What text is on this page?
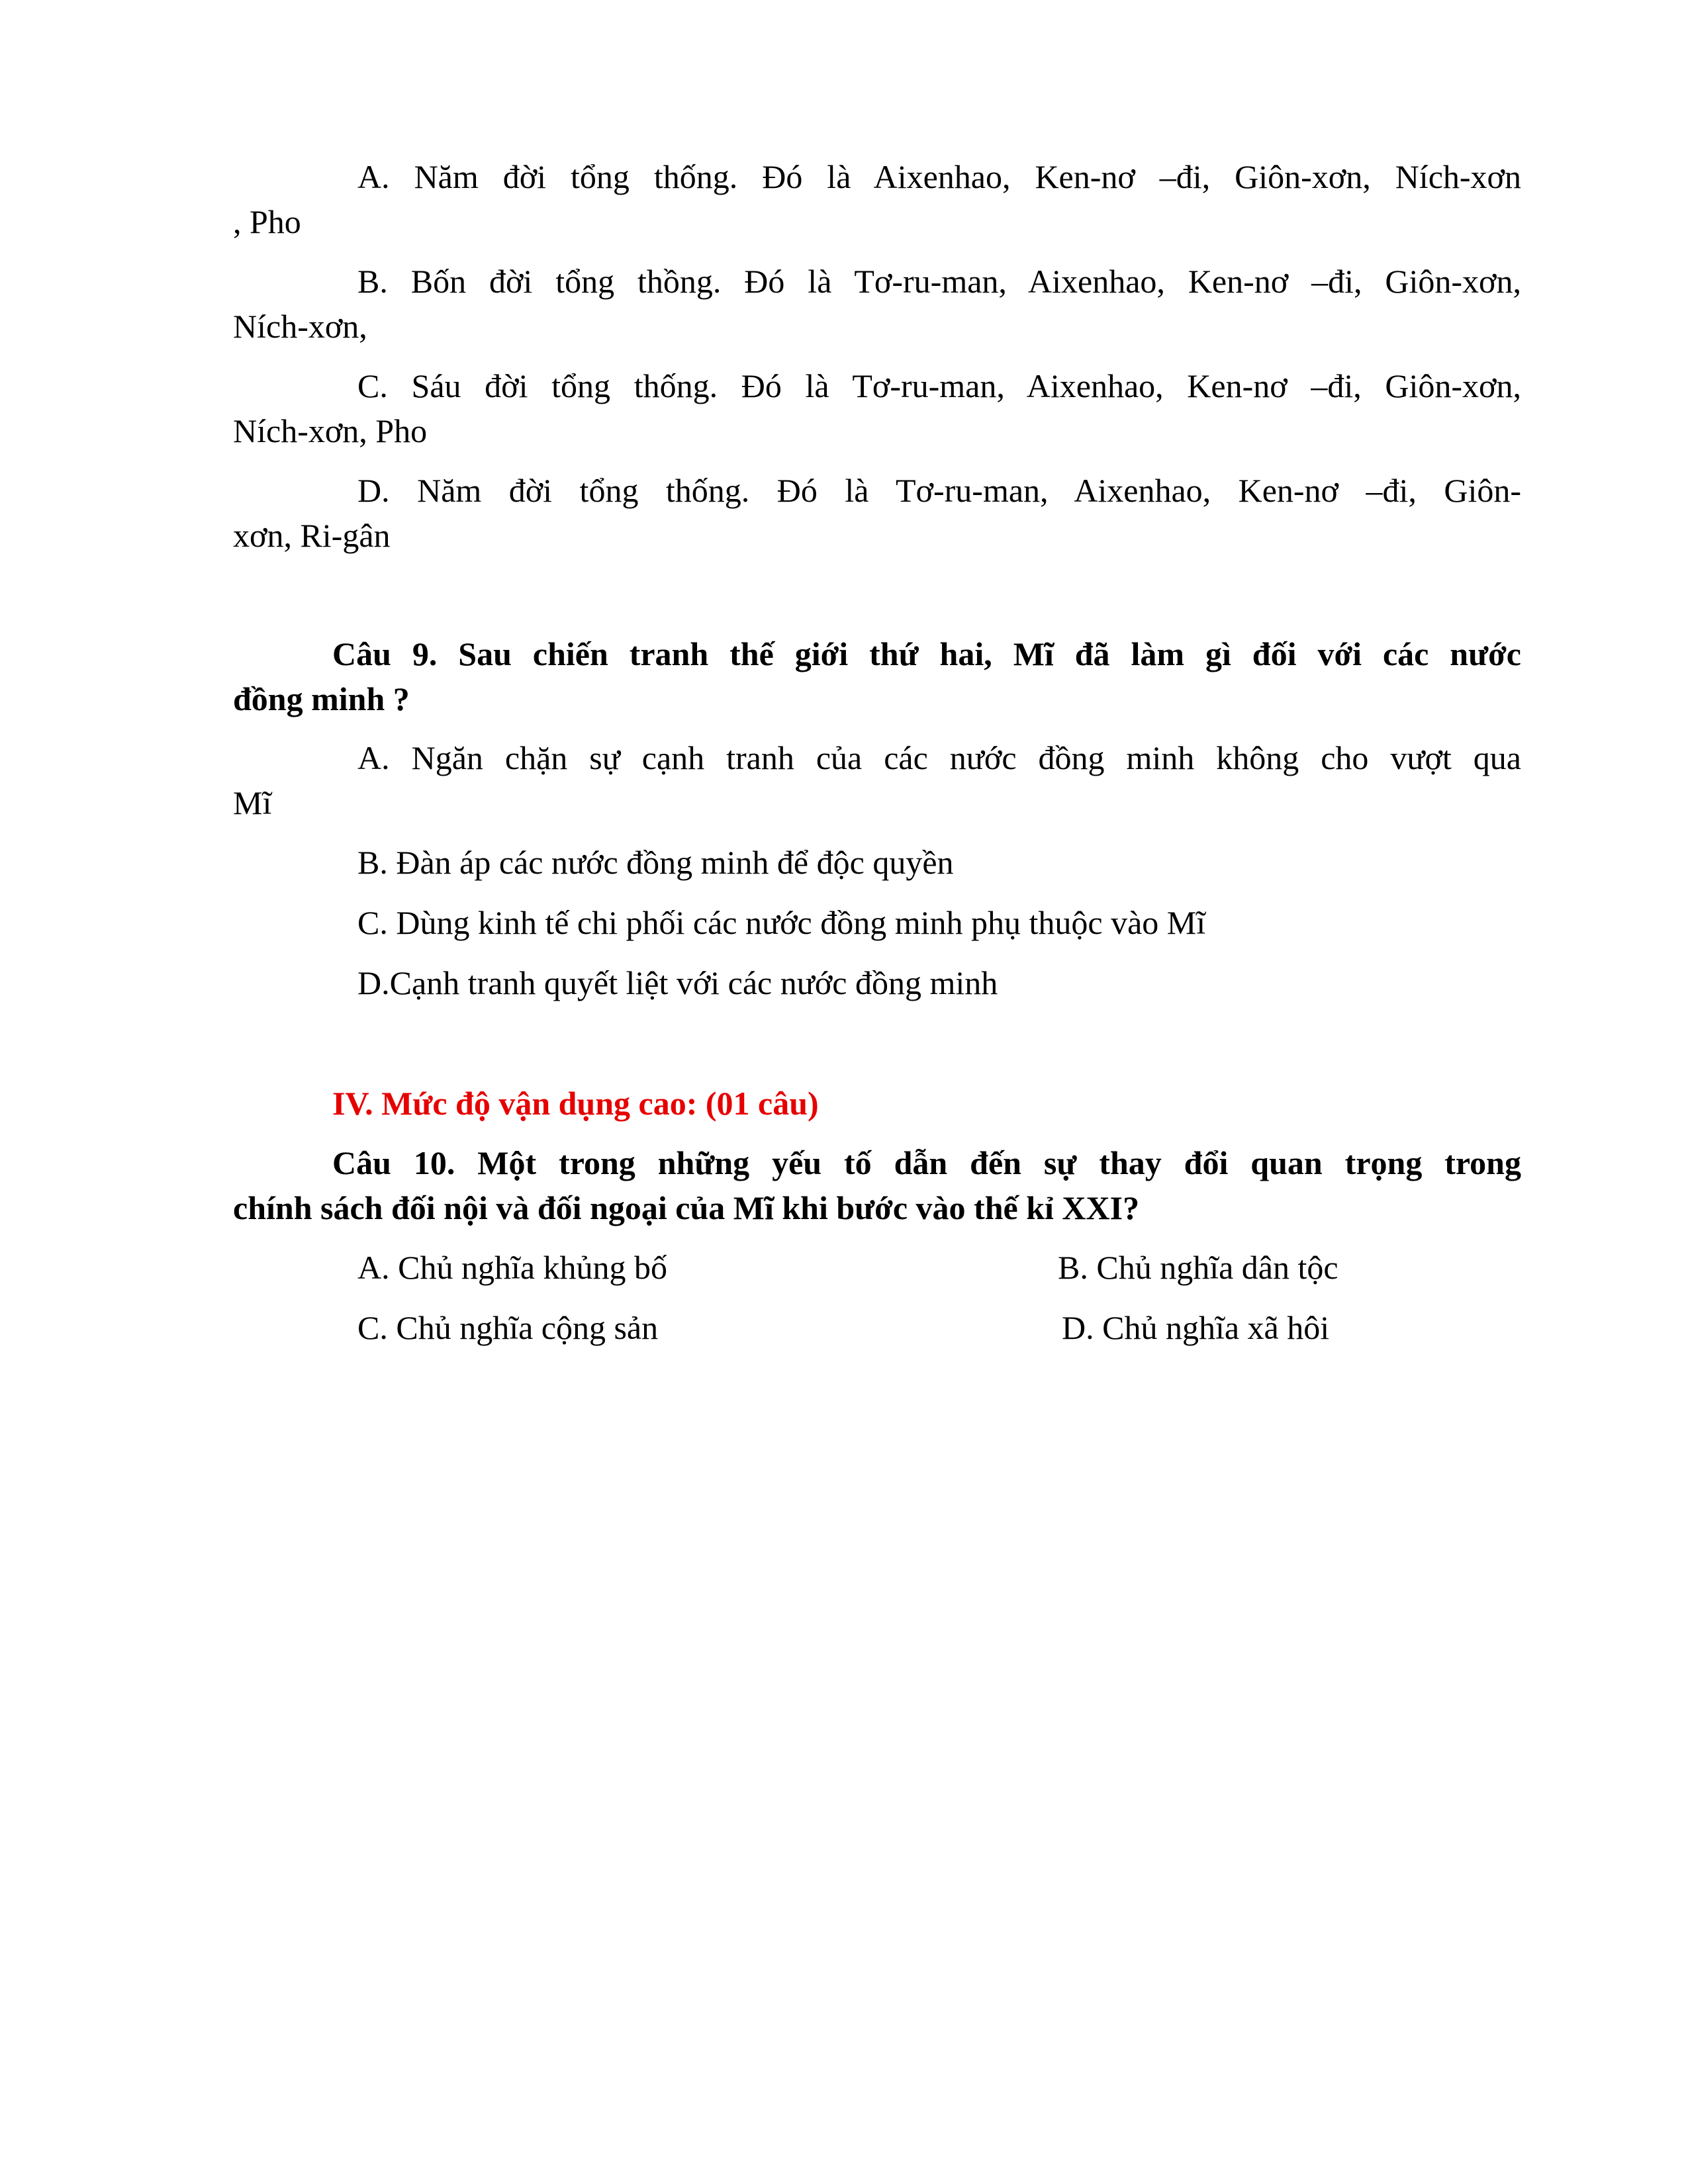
A. Năm đời tổng thống. Đó là Aixenhao, Ken-nơ –đi, Giôn-xơn, Ních-xơn
, Pho
B. Bốn đời tổng thồng. Đó là Tơ-ru-man, Aixenhao, Ken-nơ –đi, Giôn-xơn,
Ních-xơn,
C. Sáu đời tổng thống. Đó là Tơ-ru-man, Aixenhao, Ken-nơ –đi, Giôn-xơn,
Ních-xơn, Pho
D. Năm đời tổng thống. Đó là Tơ-ru-man, Aixenhao, Ken-nơ –đi, Giôn-
xơn, Ri-gân
Câu 9. Sau chiến tranh thế giới thứ hai, Mĩ đã làm gì đối với các nước
đồng minh ?
A. Ngăn chặn sự cạnh tranh của các nước đồng minh không cho vượt qua
Mĩ
B. Đàn áp các nước đồng minh để độc quyền
C. Dùng kinh tế chi phối các nước đồng minh phụ thuộc vào Mĩ
D.Cạnh tranh quyết liệt với các nước đồng minh
IV. Mức độ vận dụng cao: (01 câu)
Câu 10. Một trong những yếu tố dẫn đến sự thay đổi quan trọng trong
chính sách đối nội và đối ngoại của Mĩ khi bước vào thế kỉ XXI?
A. Chủ nghĩa khủng bố	B. Chủ nghĩa dân tộc
C. Chủ nghĩa cộng sản	D. Chủ nghĩa xã hôi
